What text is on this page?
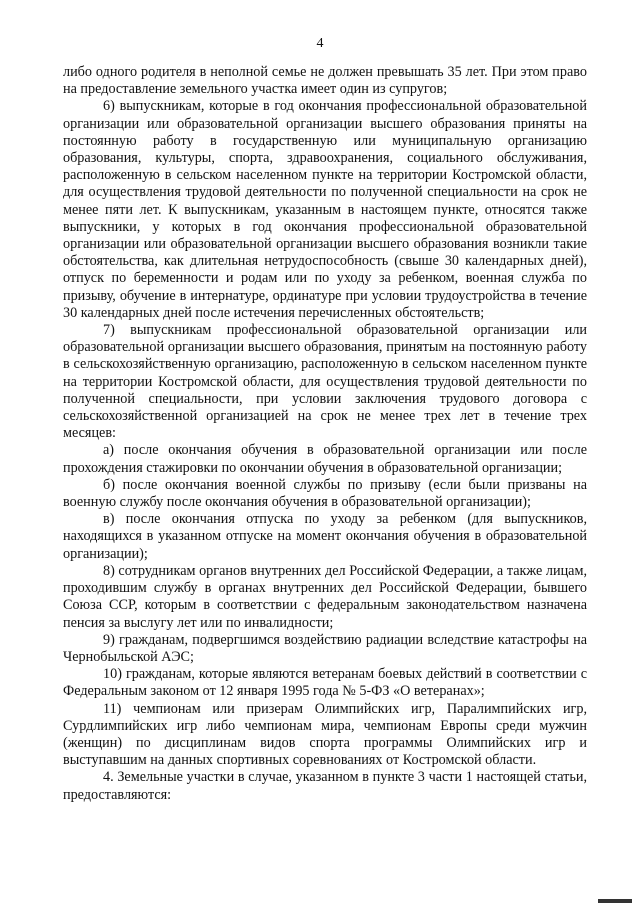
4

либо одного родителя в неполной семье не должен превышать 35 лет. При этом право на предоставление земельного участка имеет один из супругов;

6) выпускникам, которые в год окончания профессиональной образовательной организации или образовательной организации высшего образования приняты на постоянную работу в государственную или муниципальную организацию образования, культуры, спорта, здравоохранения, социального обслуживания, расположенную в сельском населенном пункте на территории Костромской области, для осуществления трудовой деятельности по полученной специальности на срок не менее пяти лет. К выпускникам, указанным в настоящем пункте, относятся также выпускники, у которых в год окончания профессиональной образовательной организации или образовательной организации высшего образования возникли такие обстоятельства, как длительная нетрудоспособность (свыше 30 календарных дней), отпуск по беременности и родам или по уходу за ребенком, военная служба по призыву, обучение в интернатуре, ординатуре при условии трудоустройства в течение 30 календарных дней после истечения перечисленных обстоятельств;

7) выпускникам профессиональной образовательной организации или образовательной организации высшего образования, принятым на постоянную работу в сельскохозяйственную организацию, расположенную в сельском населенном пункте на территории Костромской области, для осуществления трудовой деятельности по полученной специальности, при условии заключения трудового договора с сельскохозяйственной организацией на срок не менее трех лет в течение трех месяцев:

а) после окончания обучения в образовательной организации или после прохождения стажировки по окончании обучения в образовательной организации;

б) после окончания военной службы по призыву (если были призваны на военную службу после окончания обучения в образовательной организации);

в) после окончания отпуска по уходу за ребенком (для выпускников, находящихся в указанном отпуске на момент окончания обучения в образовательной организации);

8) сотрудникам органов внутренних дел Российской Федерации, а также лицам, проходившим службу в органах внутренних дел Российской Федерации, бывшего Союза ССР, которым в соответствии с федеральным законодательством назначена пенсия за выслугу лет или по инвалидности;

9) гражданам, подвергшимся воздействию радиации вследствие катастрофы на Чернобыльской АЭС;

10) гражданам, которые являются ветеранам боевых действий в соответствии с Федеральным законом от 12 января 1995 года № 5-ФЗ «О ветеранах»;

11) чемпионам или призерам Олимпийских игр, Паралимпийских игр, Сурдлимпийских игр либо чемпионам мира, чемпионам Европы среди мужчин (женщин) по дисциплинам видов спорта программы Олимпийских игр и выступавшим на данных спортивных соревнованиях от Костромской области.

4. Земельные участки в случае, указанном в пункте 3 части 1 настоящей статьи, предоставляются:
